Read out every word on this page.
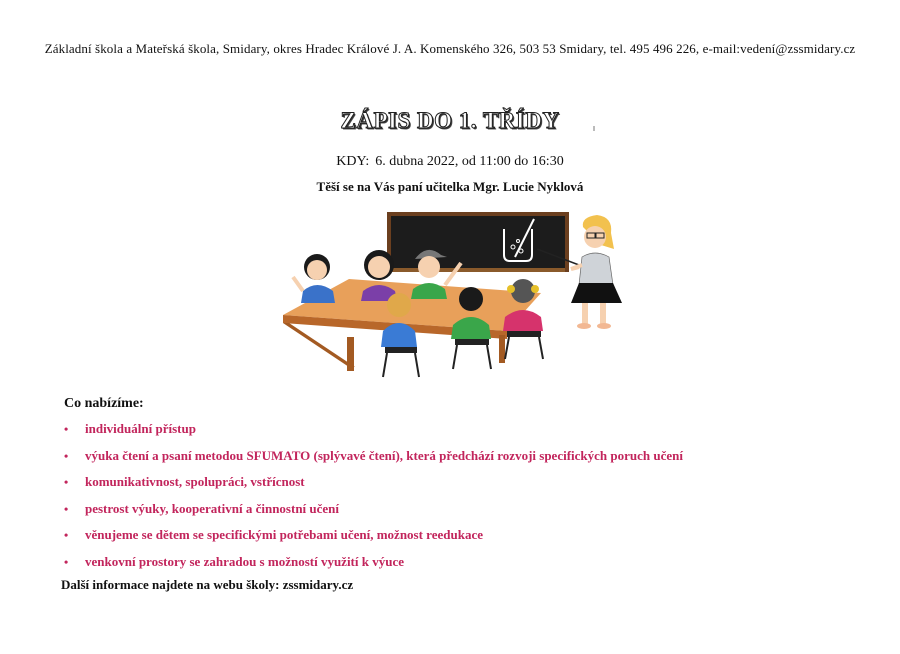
Základní škola a Mateřská škola, Smidary, okres Hradec Králové J. A. Komenského 326, 503 53 Smidary, tel. 495 496 226, e-mail:vedení@zssmidary.cz
ZÁPIS DO 1. TŘÍDY
KDY: 6. dubna 2022, od 11:00 do 16:30
Těší se na Vás paní učitelka Mgr. Lucie Nyklová
Co nabízíme:
• individuální přístup
• výuka čtení a psaní metodou SFUMATO (splývavé čtení), která předchází rozvoji specifických poruch učení
• komunikativnost, spolupráci, vstřícnost
• pestrost výuky, kooperativní a činnostní učení
• věnujeme se dětem se specifickými potřebami učení, možnost reedukace
• venkovní prostory se zahradou s možností využití k výuce
Další informace najdete na webu školy: zssmidary.cz
